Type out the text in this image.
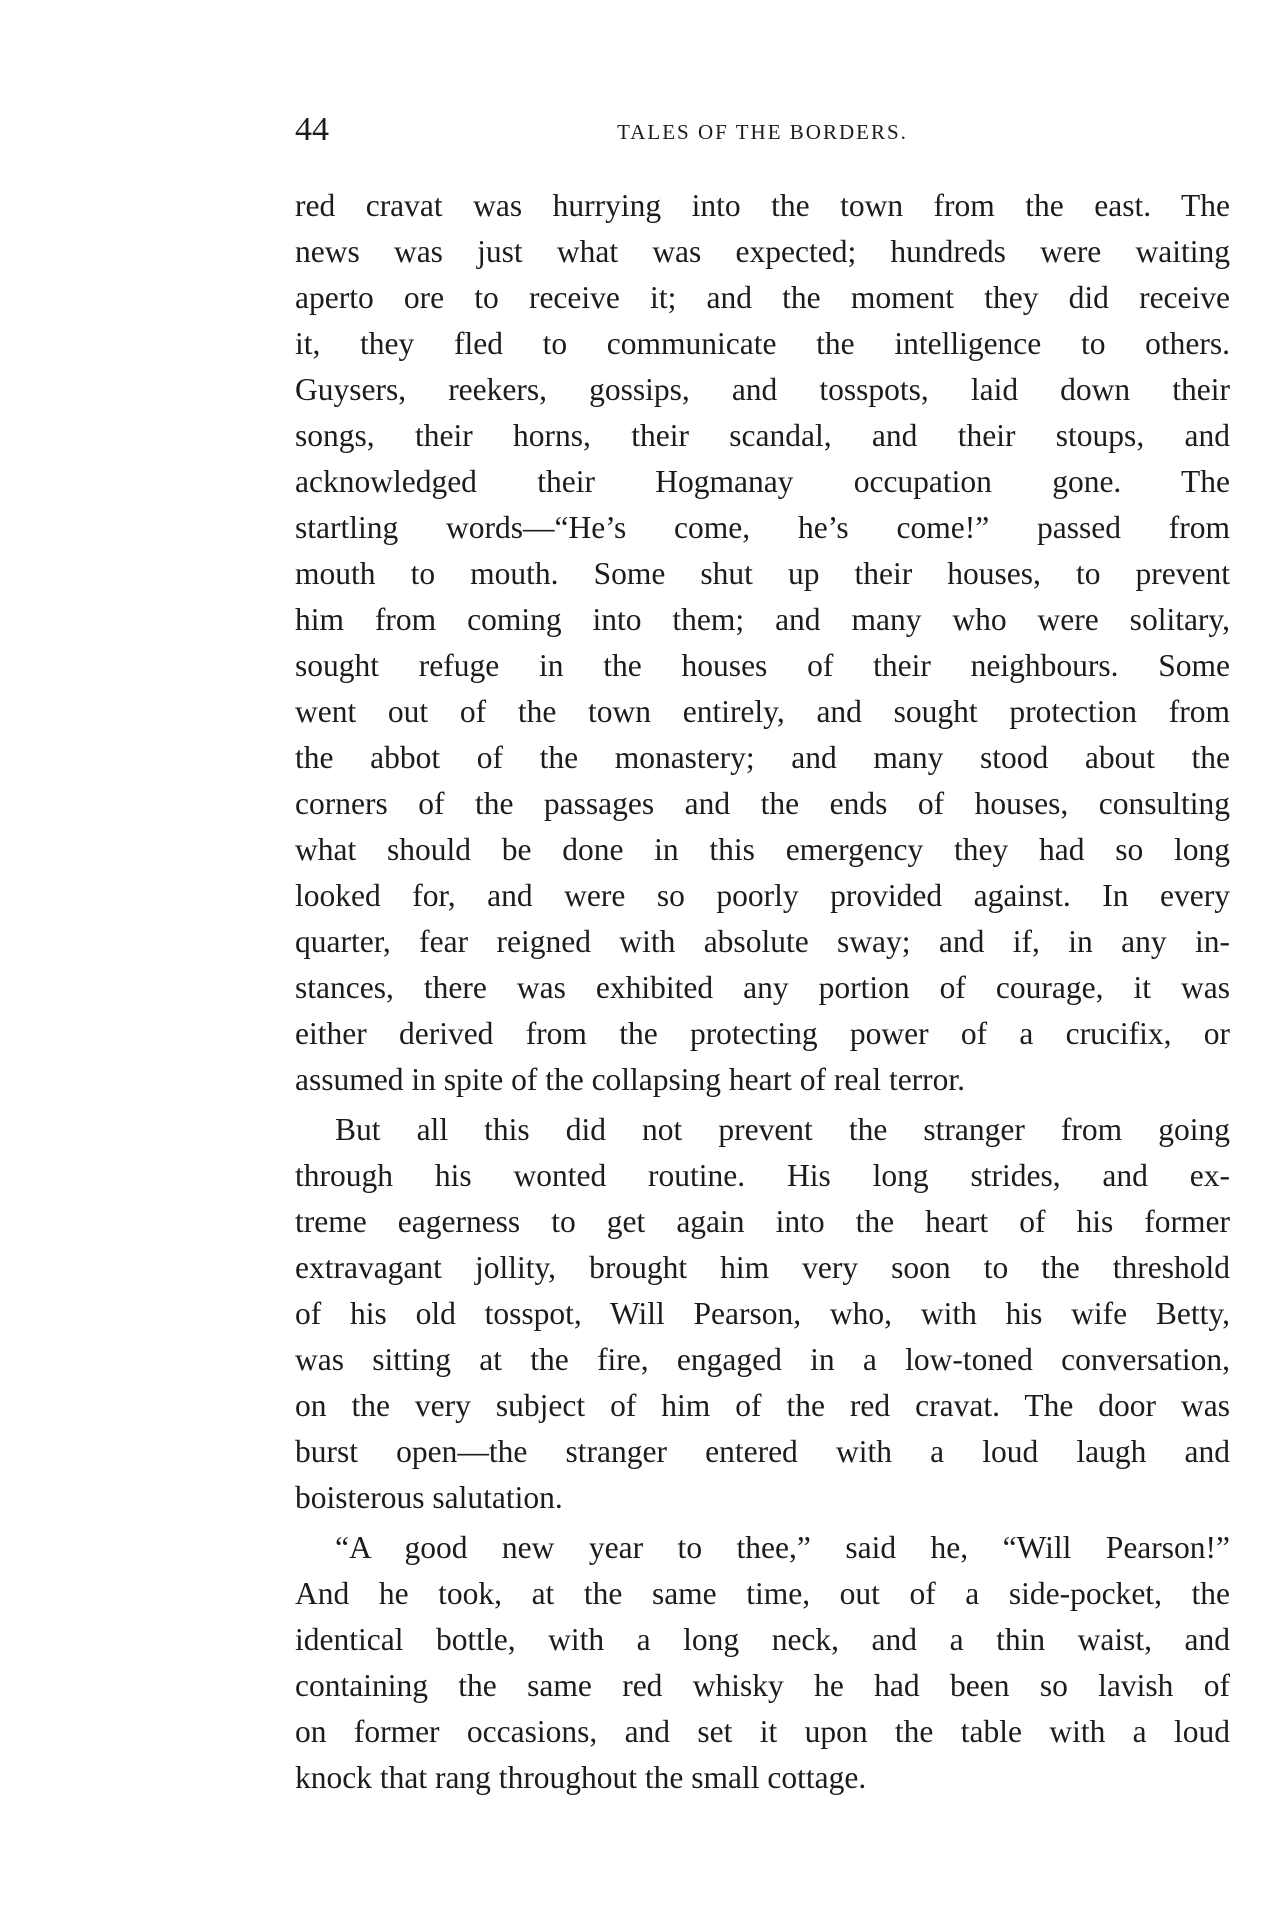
44	TALES OF THE BORDERS.
red cravat was hurrying into the town from the east. The
news was just what was expected; hundreds were waiting
aperto ore to receive it; and the moment they did receive
it, they fled to communicate the intelligence to others.
Guysers, reekers, gossips, and tosspots, laid down their
songs, their horns, their scandal, and their stoups, and
acknowledged their Hogmanay occupation gone. The
startling words—“He’s come, he’s come!” passed from
mouth to mouth. Some shut up their houses, to prevent
him from coming into them; and many who were solitary,
sought refuge in the houses of their neighbours. Some
went out of the town entirely, and sought protection from
the abbot of the monastery; and many stood about the
corners of the passages and the ends of houses, consulting
what should be done in this emergency they had so long
looked for, and were so poorly provided against. In every
quarter, fear reigned with absolute sway; and if, in any in-
stances, there was exhibited any portion of courage, it was
either derived from the protecting power of a crucifix, or
assumed in spite of the collapsing heart of real terror.
But all this did not prevent the stranger from going
through his wonted routine. His long strides, and ex-
treme eagerness to get again into the heart of his former
extravagant jollity, brought him very soon to the threshold
of his old tosspot, Will Pearson, who, with his wife Betty,
was sitting at the fire, engaged in a low-toned conversation,
on the very subject of him of the red cravat. The door was
burst open—the stranger entered with a loud laugh and
boisterous salutation.
“A good new year to thee,” said he, “Will Pearson!”
And he took, at the same time, out of a side-pocket, the
identical bottle, with a long neck, and a thin waist, and
containing the same red whisky he had been so lavish of
on former occasions, and set it upon the table with a loud
knock that rang throughout the small cottage.
